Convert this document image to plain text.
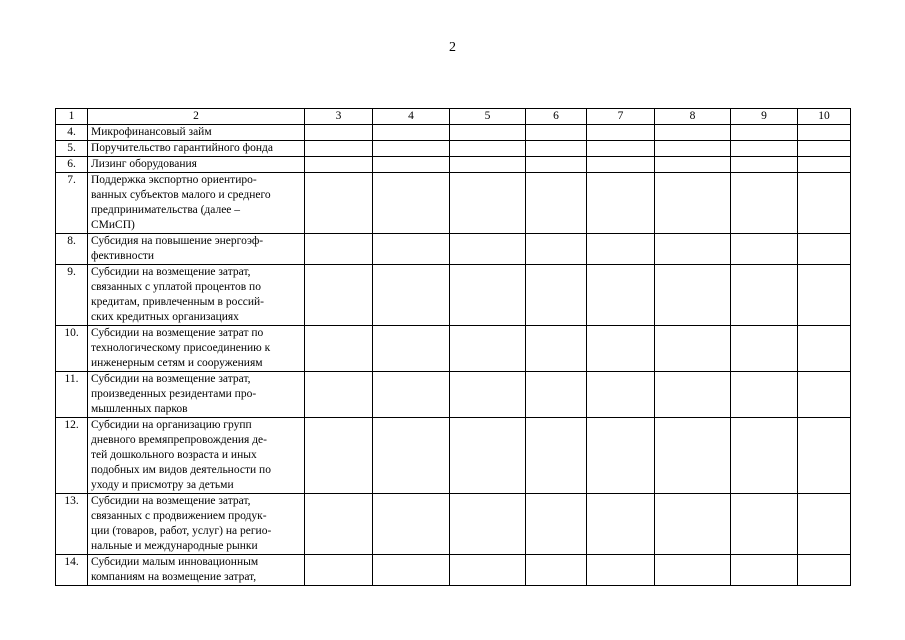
2
1	2	3	4	5	6	7	8	9	10
4.	Микрофинансовый займ								
5.	Поручительство гарантийного фонда								
6.	Лизинг оборудования								
7.	Поддержка экспортно ориентиро-
ванных субъектов малого и среднего
предпринимательства (далее –
СМиСП)								
8.	Субсидия на повышение энергоэф-
фективности								
9.	Субсидии на возмещение затрат,
связанных с уплатой процентов по
кредитам, привлеченным в россий-
ских кредитных организациях								
10.	Субсидии на возмещение затрат по
технологическому присоединению к
инженерным сетям и сооружениям								
11.	Субсидии на возмещение затрат,
произведенных резидентами про-
мышленных парков								
12.	Субсидии на организацию групп
дневного времяпрепровождения де-
тей дошкольного возраста и иных
подобных им видов деятельности по
уходу и присмотру за детьми								
13.	Субсидии на возмещение затрат,
связанных с продвижением продук-
ции (товаров, работ, услуг) на регио-
нальные и международные рынки								
14.	Субсидии малым инновационным
компаниям на возмещение затрат,								
